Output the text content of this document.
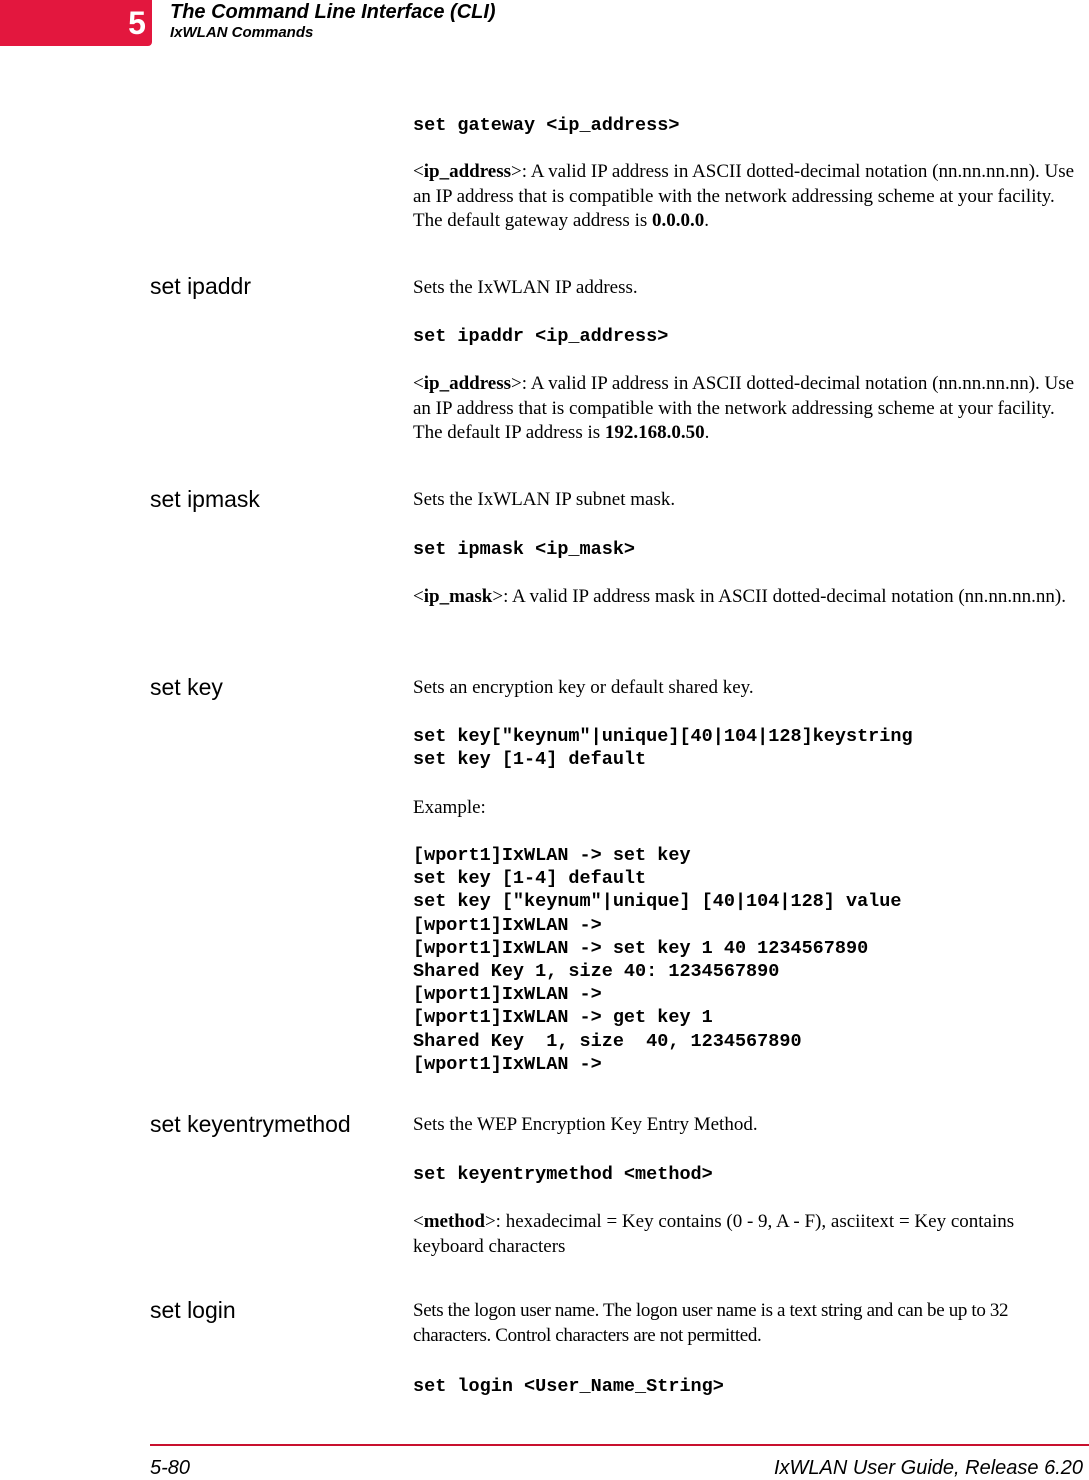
5	The Command Line Interface (CLI)
IxWLAN Commands
set gateway <ip_address>
<ip_address>: A valid IP address in ASCII dotted-decimal notation (nn.nn.nn.nn). Use an IP address that is compatible with the network addressing scheme at your facility. The default gateway address is 0.0.0.0.
set ipaddr	Sets the IxWLAN IP address.
set ipaddr <ip_address>
<ip_address>: A valid IP address in ASCII dotted-decimal notation (nn.nn.nn.nn). Use an IP address that is compatible with the network addressing scheme at your facility. The default IP address is 192.168.0.50.
set ipmask	Sets the IxWLAN IP subnet mask.
set ipmask <ip_mask>
<ip_mask>: A valid IP address mask in ASCII dotted-decimal notation (nn.nn.nn.nn).
set key	Sets an encryption key or default shared key.
set key["keynum"|unique][40|104|128]keystring
set key [1-4] default
Example:
[wport1]IxWLAN -> set key
set key [1-4] default
set key ["keynum"|unique] [40|104|128] value
[wport1]IxWLAN ->
[wport1]IxWLAN -> set key 1 40 1234567890
Shared Key 1, size 40: 1234567890
[wport1]IxWLAN ->
[wport1]IxWLAN -> get key 1
Shared Key  1, size  40, 1234567890
[wport1]IxWLAN ->
set keyentrymethod	Sets the WEP Encryption Key Entry Method.
set keyentrymethod <method>
<method>: hexadecimal = Key contains (0 - 9, A - F), asciitext = Key contains keyboard characters
set login	Sets the logon user name. The logon user name is a text string and can be up to 32 characters. Control characters are not permitted.
set login <User_Name_String>
5-80	IxWLAN User Guide, Release 6.20
